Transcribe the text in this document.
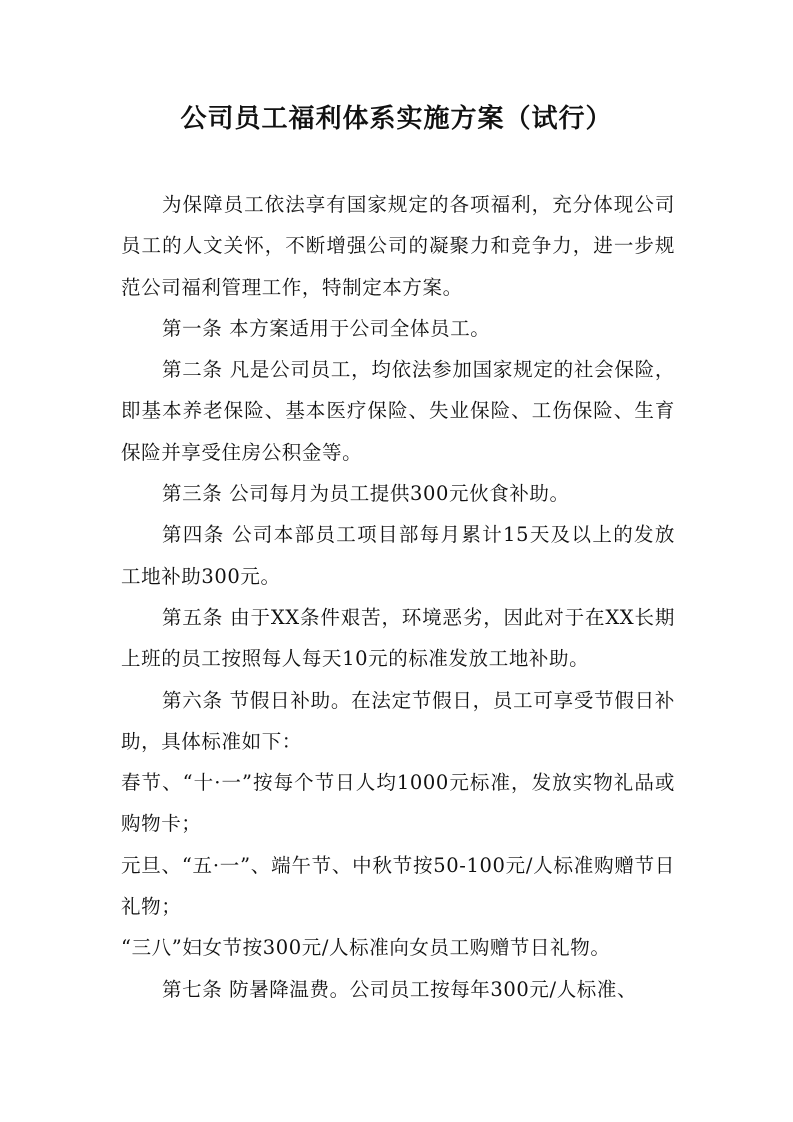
公司员工福利体系实施方案（试行）

为保障员工依法享有国家规定的各项福利，充分体现公司员工的人文关怀，不断增强公司的凝聚力和竞争力，进一步规范公司福利管理工作，特制定本方案。

第一条 本方案适用于公司全体员工。

第二条 凡是公司员工，均依法参加国家规定的社会保险，即基本养老保险、基本医疗保险、失业保险、工伤保险、生育保险并享受住房公积金等。

第三条 公司每月为员工提供300元伙食补助。

第四条 公司本部员工项目部每月累计15天及以上的发放工地补助300元。

第五条 由于XX条件艰苦，环境恶劣，因此对于在XX长期上班的员工按照每人每天10元的标准发放工地补助。

第六条 节假日补助。在法定节假日，员工可享受节假日补助，具体标准如下：

春节、“十·一”按每个节日人均1000元标准，发放实物礼品或购物卡；

元旦、“五·一”、端午节、中秋节按50-100元/人标准购赠节日礼物；

“三八”妇女节按300元/人标准向女员工购赠节日礼物。

第七条 防暑降温费。公司员工按每年300元/人标准、
